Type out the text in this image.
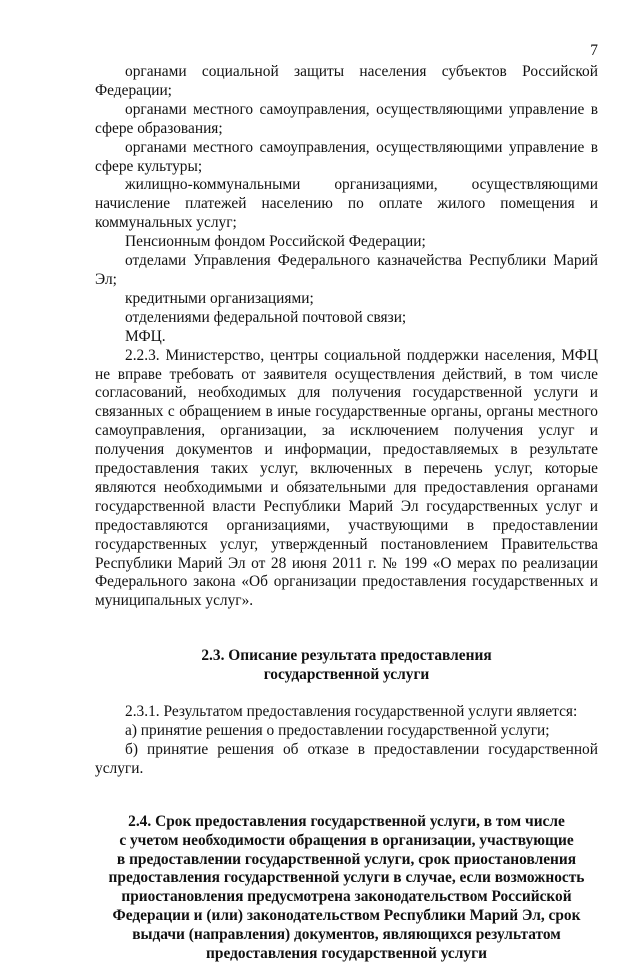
7

органами социальной защиты населения субъектов Российской Федерации;

органами местного самоуправления, осуществляющими управление в сфере образования;

органами местного самоуправления, осуществляющими управление в сфере культуры;

жилищно-коммунальными организациями, осуществляющими начисление платежей населению по оплате жилого помещения и коммунальных услуг;

Пенсионным фондом Российской Федерации;

отделами Управления Федерального казначейства Республики Марий Эл;

кредитными организациями;

отделениями федеральной почтовой связи;

МФЦ.

2.2.3. Министерство, центры социальной поддержки населения, МФЦ не вправе требовать от заявителя осуществления действий, в том числе согласований, необходимых для получения государственной услуги и связанных с обращением в иные государственные органы, органы местного самоуправления, организации, за исключением получения услуг и получения документов и информации, предоставляемых в результате предоставления таких услуг, включенных в перечень услуг, которые являются необходимыми и обязательными для предоставления органами государственной власти Республики Марий Эл государственных услуг и предоставляются организациями, участвующими в предоставлении государственных услуг, утвержденный постановлением Правительства Республики Марий Эл от 28 июня 2011 г. № 199 «О мерах по реализации Федерального закона «Об организации предоставления государственных и муниципальных услуг».

2.3. Описание результата предоставления
государственной услуги

2.3.1. Результатом предоставления государственной услуги является:

а) принятие решения о предоставлении государственной услуги;

б) принятие решения об отказе в предоставлении государственной услуги.

2.4. Срок предоставления государственной услуги, в том числе
с учетом необходимости обращения в организации, участвующие
в предоставлении государственной услуги, срок приостановления
предоставления государственной услуги в случае, если возможность
приостановления предусмотрена законодательством Российской
Федерации и (или) законодательством Республики Марий Эл, срок
выдачи (направления) документов, являющихся результатом
предоставления государственной услуги
